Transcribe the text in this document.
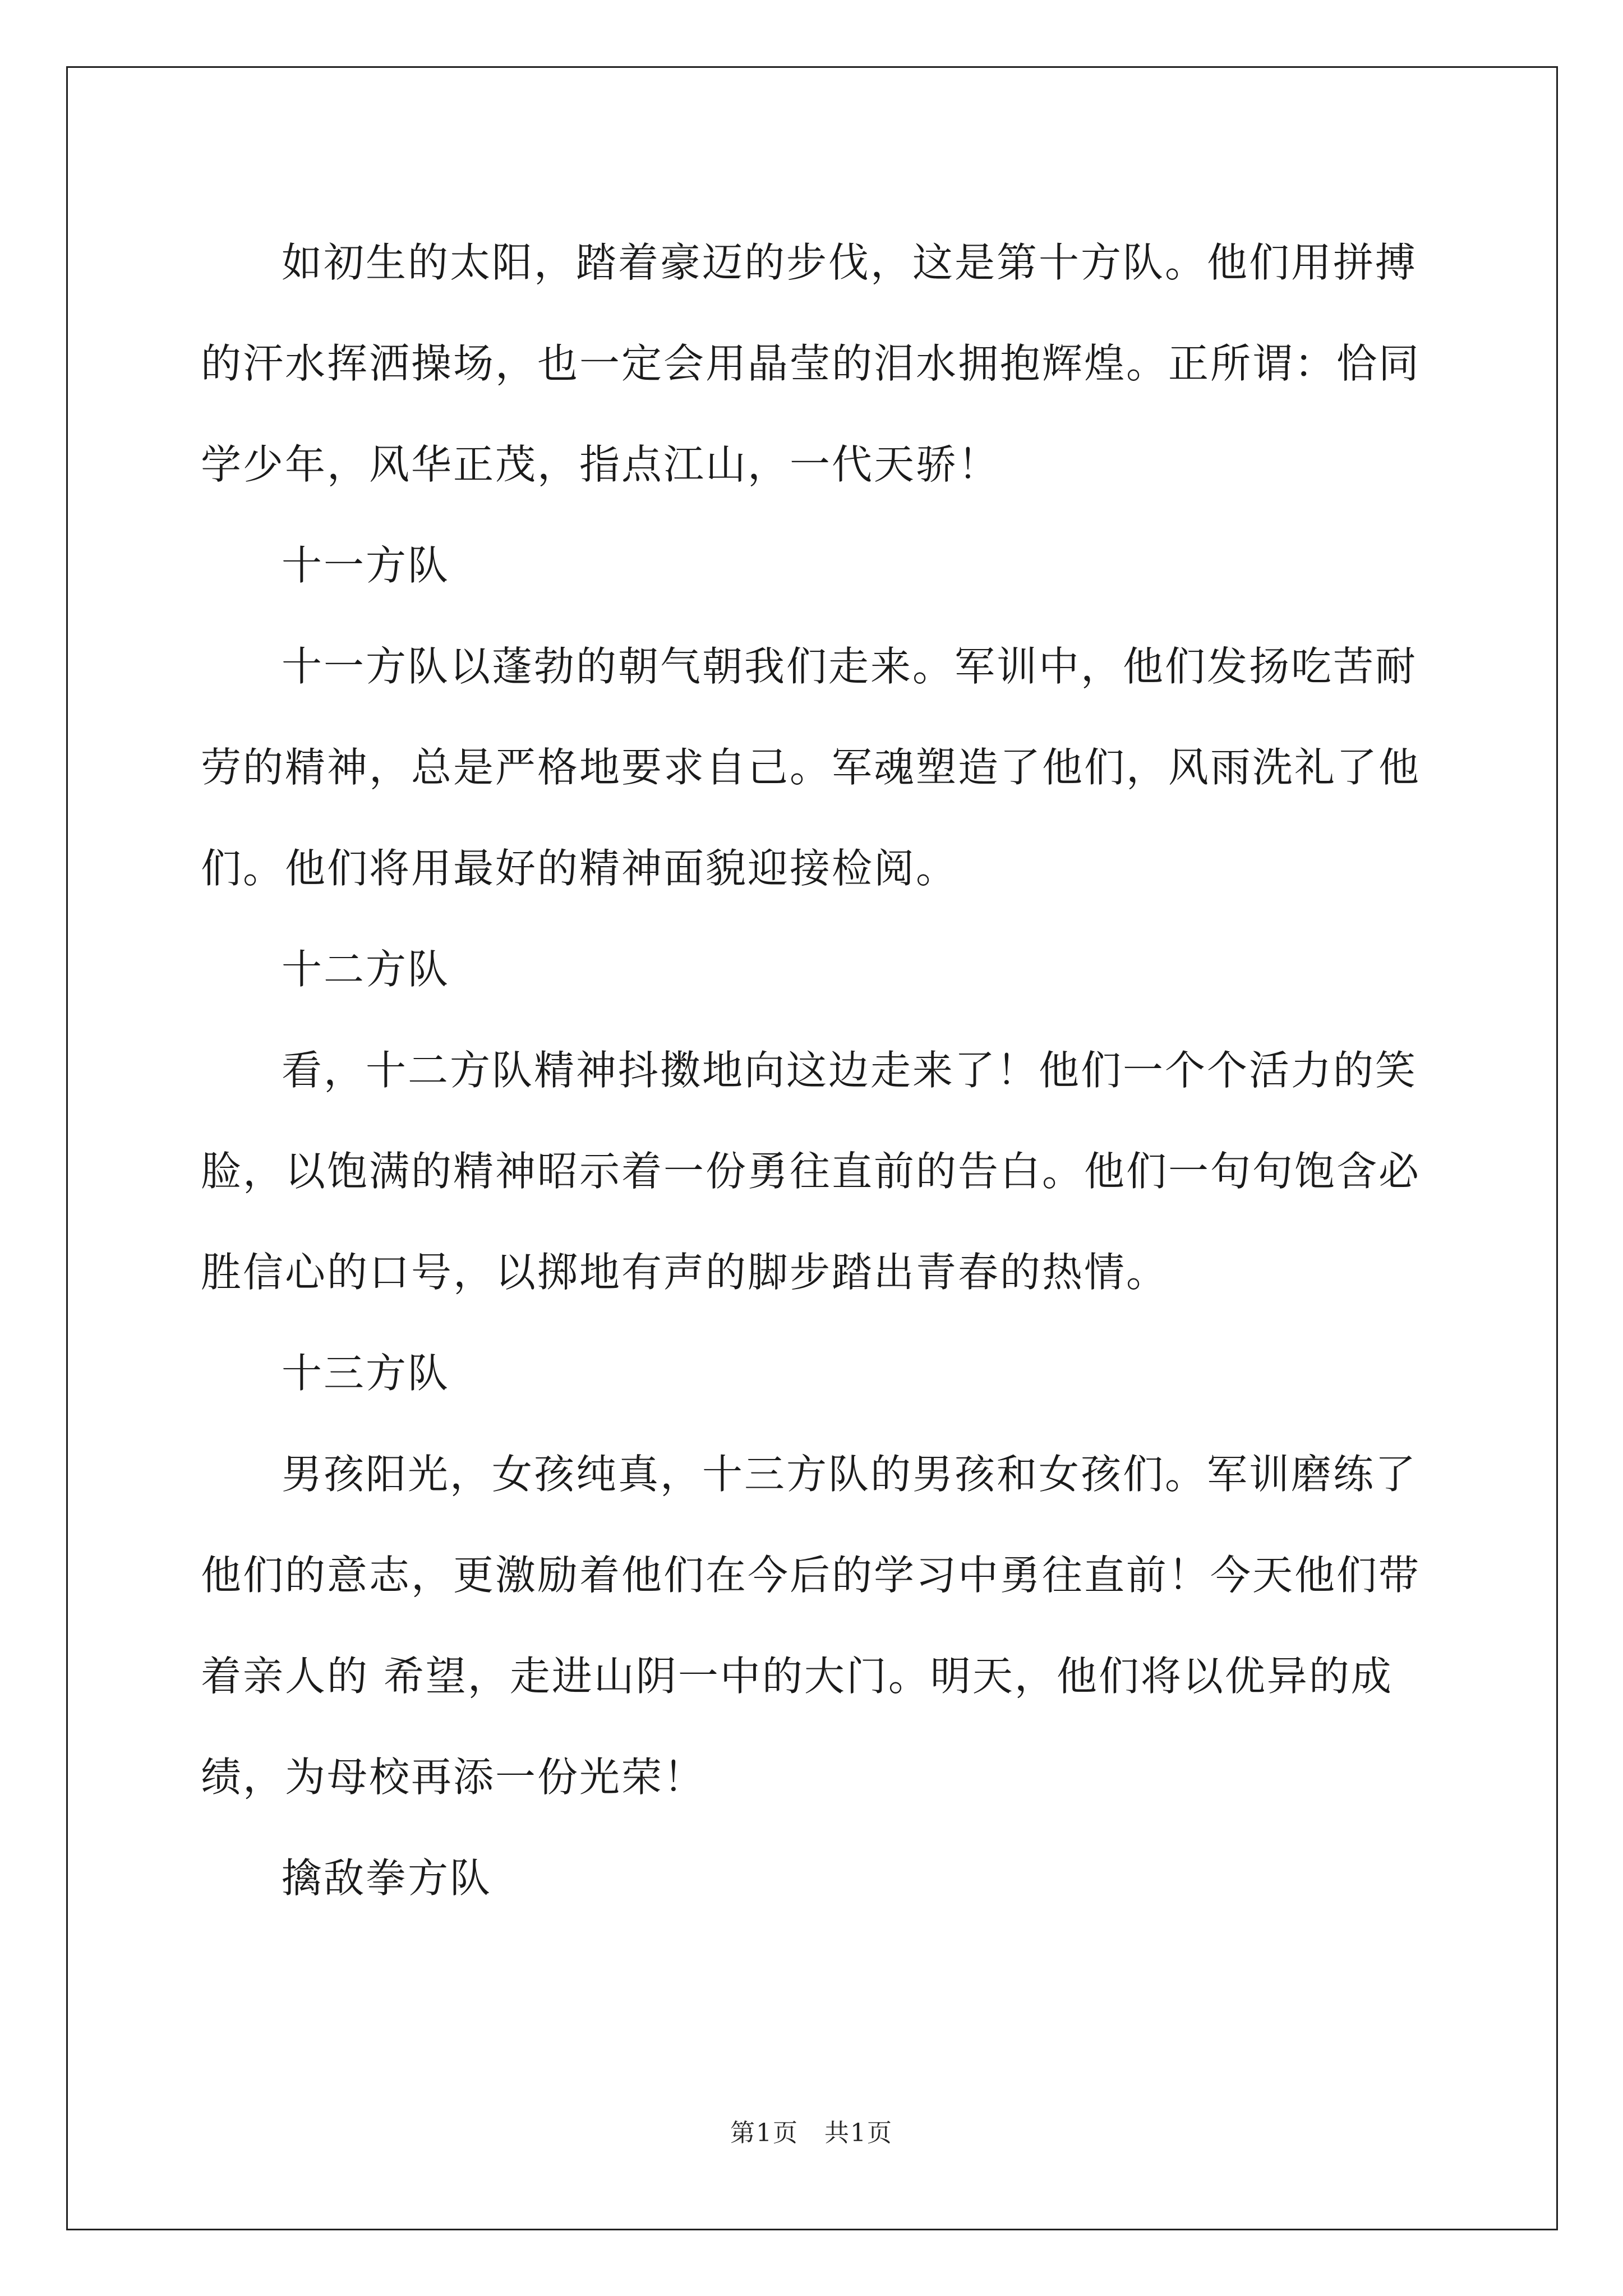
如初生的太阳，踏着豪迈的步伐，这是第十方队。他们用拼搏的汗水挥洒操场，也一定会用晶莹的泪水拥抱辉煌。正所谓：恰同学少年，风华正茂，指点江山，一代天骄！

十一方队

十一方队以蓬勃的朝气朝我们走来。军训中，他们发扬吃苦耐劳的精神，总是严格地要求自己。军魂塑造了他们，风雨洗礼了他们。他们将用最好的精神面貌迎接检阅。

十二方队

看，十二方队精神抖擞地向这边走来了！他们一个个活力的笑脸，以饱满的精神昭示着一份勇往直前的告白。他们一句句饱含必胜信心的口号，以掷地有声的脚步踏出青春的热情。

十三方队

男孩阳光，女孩纯真，十三方队的男孩和女孩们。军训磨练了他们的意志，更激励着他们在今后的学习中勇往直前！今天他们带着亲人的 希望，走进山阴一中的大门。明天，他们将以优异的成绩，为母校再添一份光荣！

擒敌拳方队

第1页　共1页
